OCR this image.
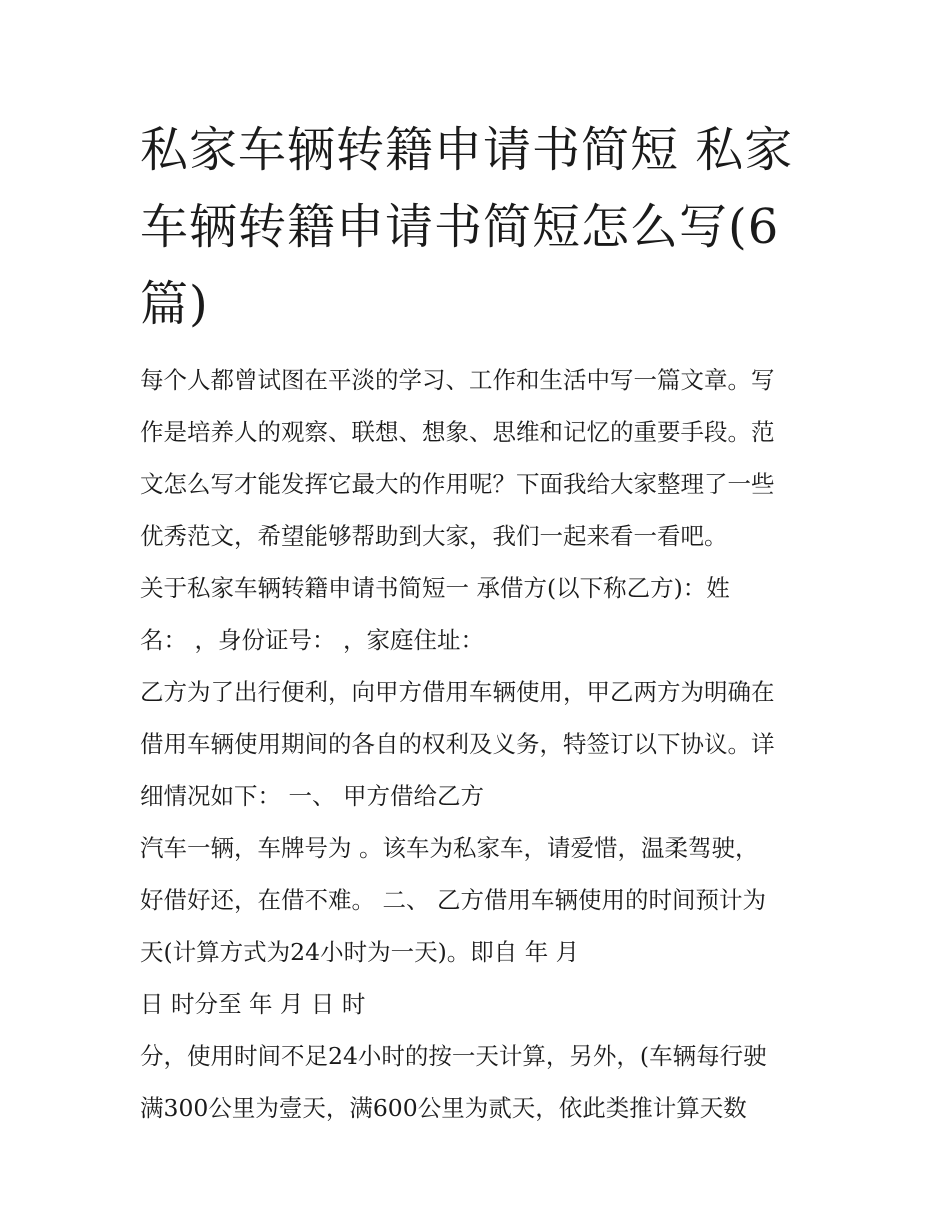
私家车辆转籍申请书简短 私家
车辆转籍申请书简短怎么写(6
篇)
每个人都曾试图在平淡的学习、工作和生活中写一篇文章。写
作是培养人的观察、联想、想象、思维和记忆的重要手段。范
文怎么写才能发挥它最大的作用呢？下面我给大家整理了一些
优秀范文，希望能够帮助到大家，我们一起来看一看吧。
关于私家车辆转籍申请书简短一 承借方(以下称乙方)：姓
名： ，身份证号： ，家庭住址：
乙方为了出行便利，向甲方借用车辆使用，甲乙两方为明确在
借用车辆使用期间的各自的权利及义务，特签订以下协议。详
细情况如下： 一、 甲方借给乙方
汽车一辆，车牌号为 。该车为私家车，请爱惜，温柔驾驶，
好借好还，在借不难。 二、 乙方借用车辆使用的时间预计为
天(计算方式为24小时为一天)。即自 年 月
日 时分至 年 月 日 时
分，使用时间不足24小时的按一天计算，另外，(车辆每行驶
满300公里为壹天，满600公里为贰天，依此类推计算天数
